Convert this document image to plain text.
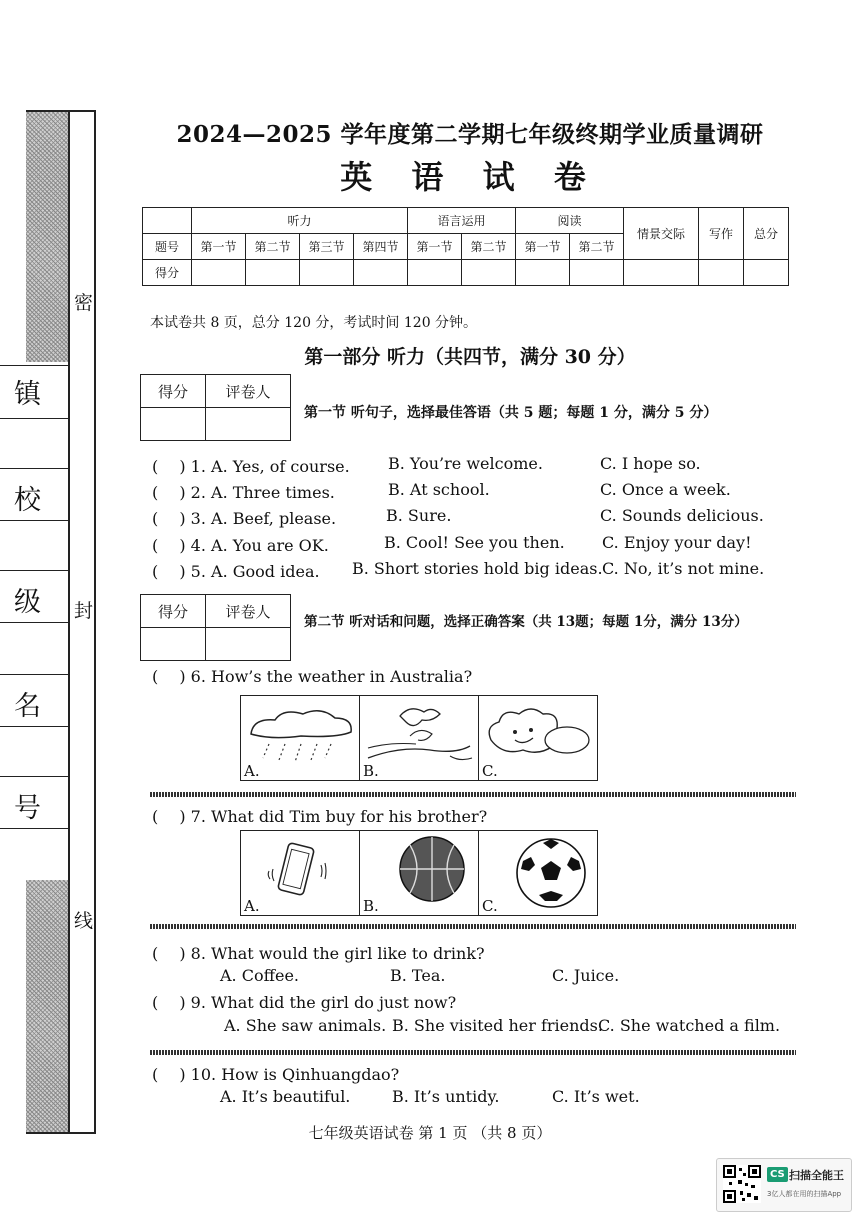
密
封
线
镇
校
级
名
号
2024—2025 学年度第二学期七年级终期学业质量调研
英 语 试 卷
	听力				语言运用		阅读		情景交际	写作	总分
题号	第一节	第二节	第三节	第四节	第一节	第二节	第一节	第二节			
得分											
本试卷共 8 页，总分 120 分，考试时间 120 分钟。
第一部分 听力（共四节，满分 30 分）
得分	评卷人

第一节 听句子，选择最佳答语（共 5 题；每题 1 分，满分 5 分）
(　 ) 1. A. Yes, of course. B. You’re welcome.	C. I hope so.
(　 ) 2. A. Three times.	B. At school.	C. Once a week.
(　 ) 3. A. Beef, please.	B. Sure.	C. Sounds delicious.
(　 ) 4. A. You are OK.	B. Cool! See you then. C. Enjoy your day!
(　 ) 5. A. Good idea. B. Short stories hold big ideas. C. No, it’s not mine.
得分	评卷人

第二节 听对话和问题，选择正确答案（共 13题；每题 1分，满分 13分）
(　 ) 6. How’s the weather in Australia?
A.	B.	C.
(　 ) 7. What did Tim buy for his brother?
A.	B.	C.
(　 ) 8. What would the girl like to drink?
A. Coffee.	B. Tea.	C. Juice.
(　 ) 9. What did the girl do just now?
A. She saw animals. B. She visited her friends.
C. She watched a film.
(　 ) 10. How is Qinhuangdao?
A. It’s beautiful.	B. It’s untidy.	C. It’s wet.
七年级英语试卷 第 1 页 （共 8 页）
CS 扫描全能王
3亿人都在用的扫描App
